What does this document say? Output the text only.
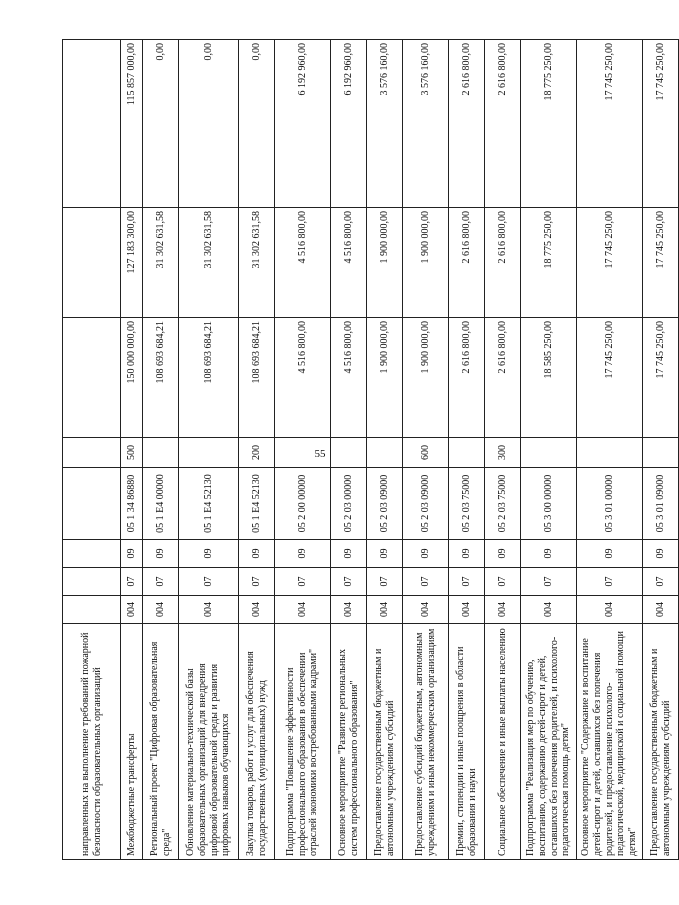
55
направленных на выполнение требований пожарной безопасности образовательных организаций								
Межбюджетные трансферты	004	07	09	05 1 34 86880	500	150 000 000,00	127 183 300,00	115 857 000,00
Региональный проект "Цифровая образовательная среда"	004	07	09	05 1 E4 00000		108 693 684,21	31 302 631,58	0,00
Обновление материально-технической базы образовательных организаций для внедрения цифровой образовательной среды и развития цифровых навыков обучающихся	004	07	09	05 1 E4 52130		108 693 684,21	31 302 631,58	0,00
Закупка товаров, работ и услуг для обеспечения государственных (муниципальных) нужд	004	07	09	05 1 E4 52130	200	108 693 684,21	31 302 631,58	0,00
Подпрограмма "Повышение эффективности профессионального образования в обеспечении отраслей экономики востребованными кадрами"	004	07	09	05 2 00 00000		4 516 800,00	4 516 800,00	6 192 960,00
Основное мероприятие "Развитие региональных систем профессионального образования"	004	07	09	05 2 03 00000		4 516 800,00	4 516 800,00	6 192 960,00
Предоставление государственным бюджетным и автономным учреждениям субсидий	004	07	09	05 2 03 09000		1 900 000,00	1 900 000,00	3 576 160,00
Предоставление субсидий бюджетным, автономным учреждениям и иным некоммерческим организациям	004	07	09	05 2 03 09000	600	1 900 000,00	1 900 000,00	3 576 160,00
Премии, стипендии и иные поощрения в области образования и науки	004	07	09	05 2 03 75000		2 616 800,00	2 616 800,00	2 616 800,00
Социальное обеспечение и иные выплаты населению	004	07	09	05 2 03 75000	300	2 616 800,00	2 616 800,00	2 616 800,00
Подпрограмма "Реализация мер по обучению, воспитанию, содержанию детей-сирот и детей, оставшихся без попечения родителей, и психолого-педагогическая помощь детям"	004	07	09	05 3 00 00000		18 585 250,00	18 775 250,00	18 775 250,00
Основное мероприятие "Содержание и воспитание детей-сирот и детей, оставшихся без попечения родителей, и предоставление психолого-педагогической, медицинской и социальной помощи детям"	004	07	09	05 3 01 00000		17 745 250,00	17 745 250,00	17 745 250,00
Предоставление государственным бюджетным и автономным учреждениям субсидий	004	07	09	05 3 01 09000		17 745 250,00	17 745 250,00	17 745 250,00
